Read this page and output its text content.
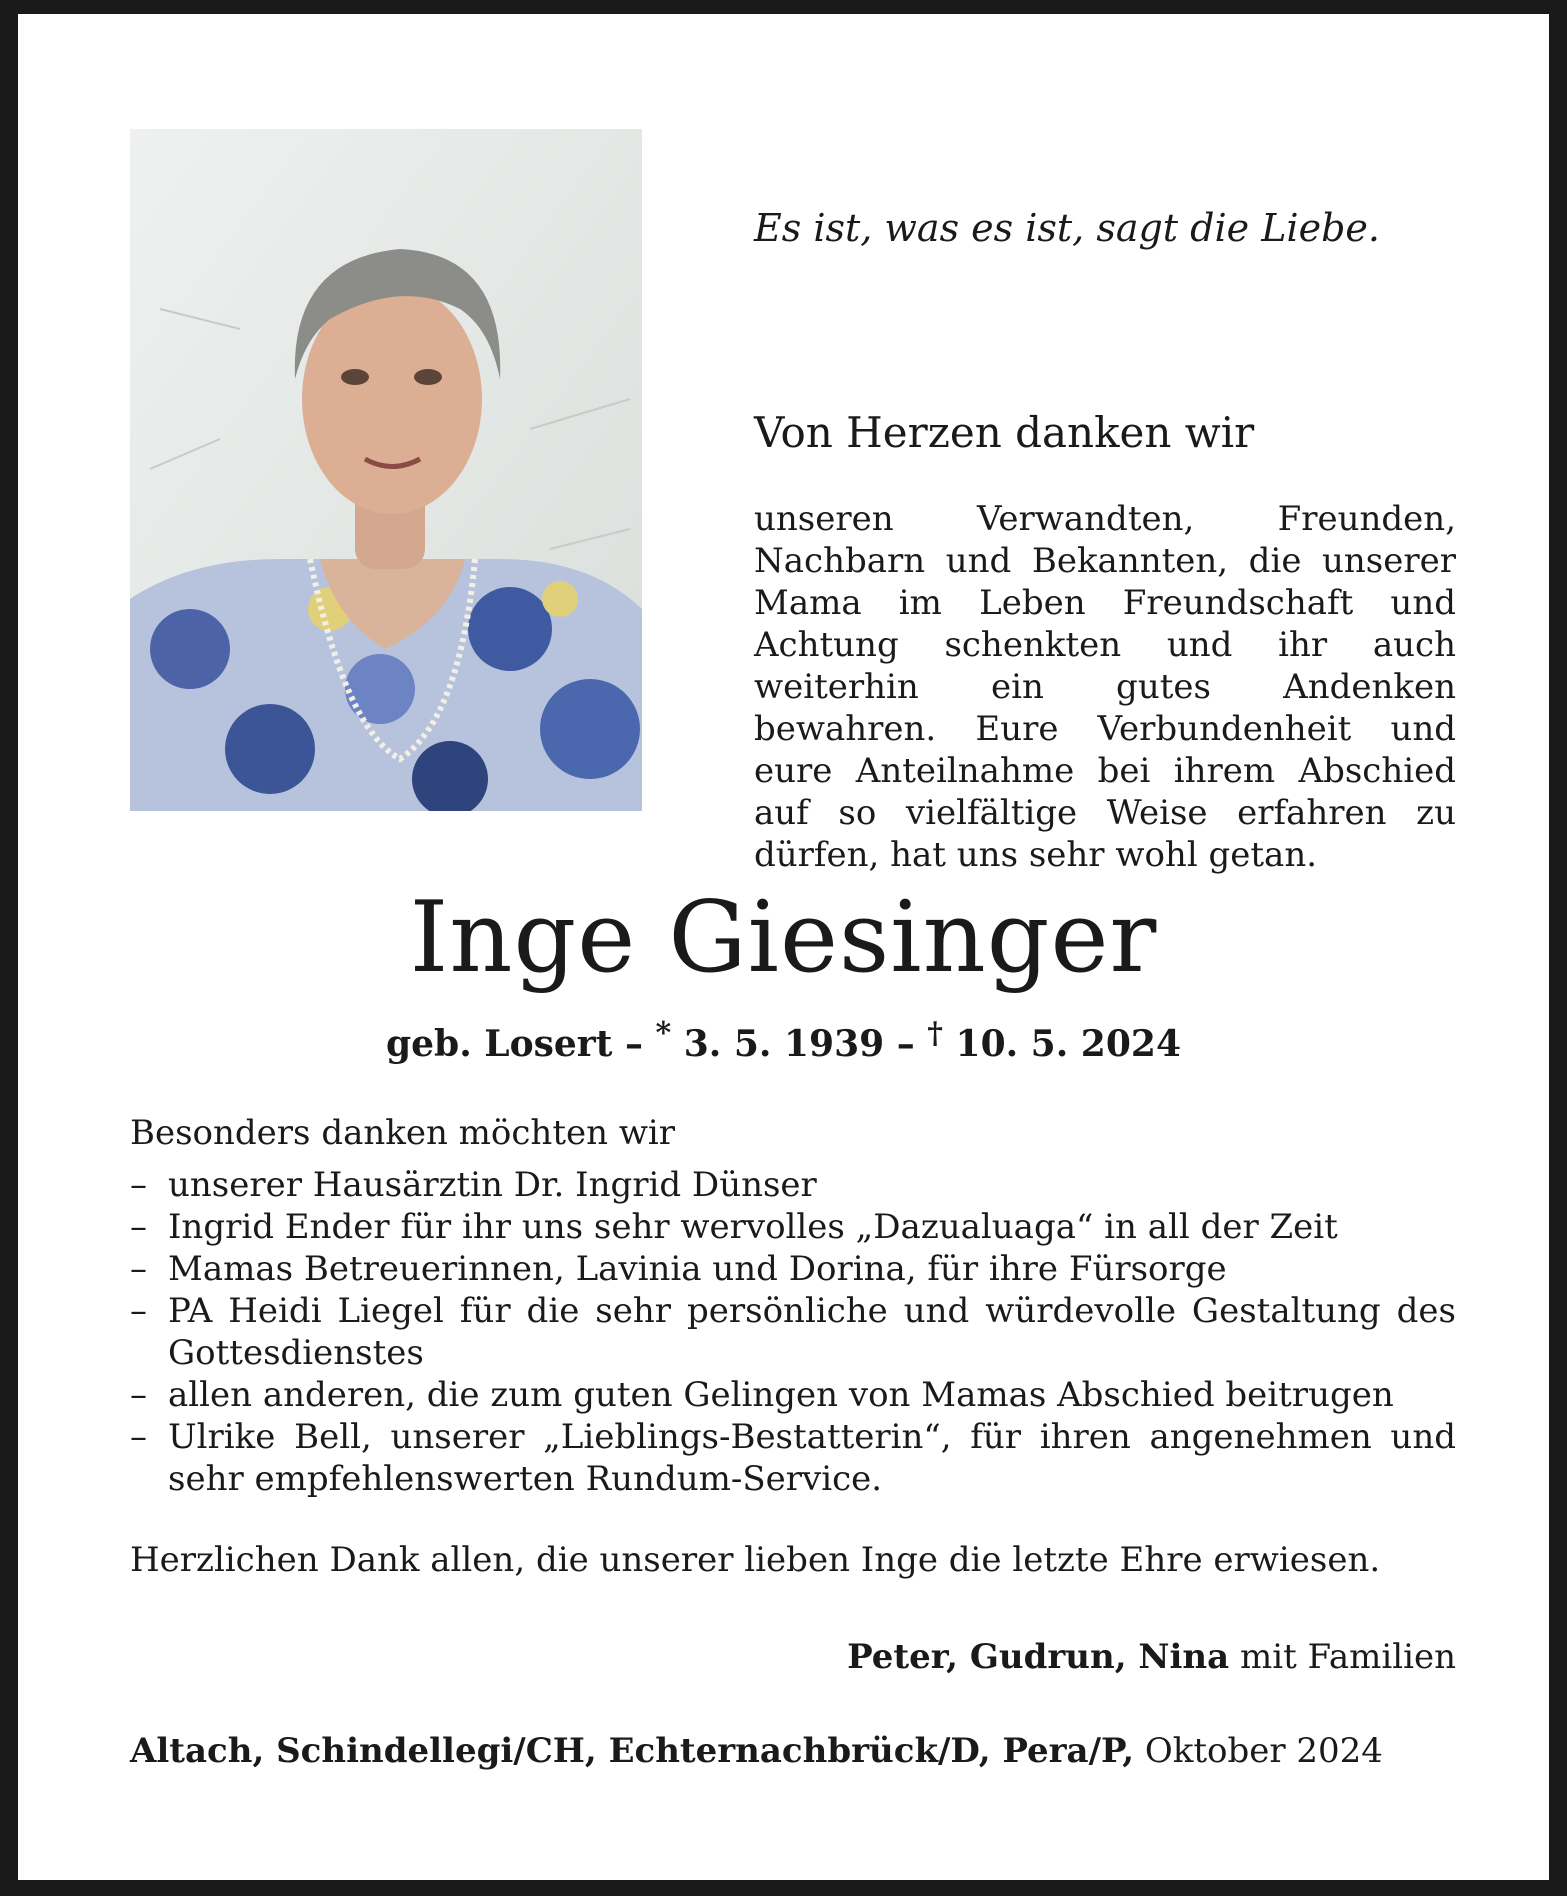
Es ist, was es ist, sagt die Liebe.
Von Herzen danken wir
unseren Verwandten, Freunden, Nachbarn und Bekannten, die unserer Mama im Leben Freundschaft und Achtung schenkten und ihr auch weiterhin ein gutes Andenken bewahren. Eure Verbundenheit und eure Anteilnahme bei ihrem Abschied auf so vielfältige Weise erfahren zu dürfen, hat uns sehr wohl getan.
Inge Giesinger
geb. Losert – * 3. 5. 1939 – † 10. 5. 2024
Besonders danken möchten wir
– unserer Hausärztin Dr. Ingrid Dünser
– Ingrid Ender für ihr uns sehr wervolles „Dazualuaga“ in all der Zeit
– Mamas Betreuerinnen, Lavinia und Dorina, für ihre Fürsorge
– PA Heidi Liegel für die sehr persönliche und würdevolle Gestaltung des Gottesdienstes
– allen anderen, die zum guten Gelingen von Mamas Abschied beitrugen
– Ulrike Bell, unserer „Lieblings-Bestatterin“, für ihren angenehmen und sehr empfehlenswerten Rundum-Service.
Herzlichen Dank allen, die unserer lieben Inge die letzte Ehre erwiesen.
Peter, Gudrun, Nina mit Familien
Altach, Schindellegi/CH, Echternachbrück/D, Pera/P, Oktober 2024
